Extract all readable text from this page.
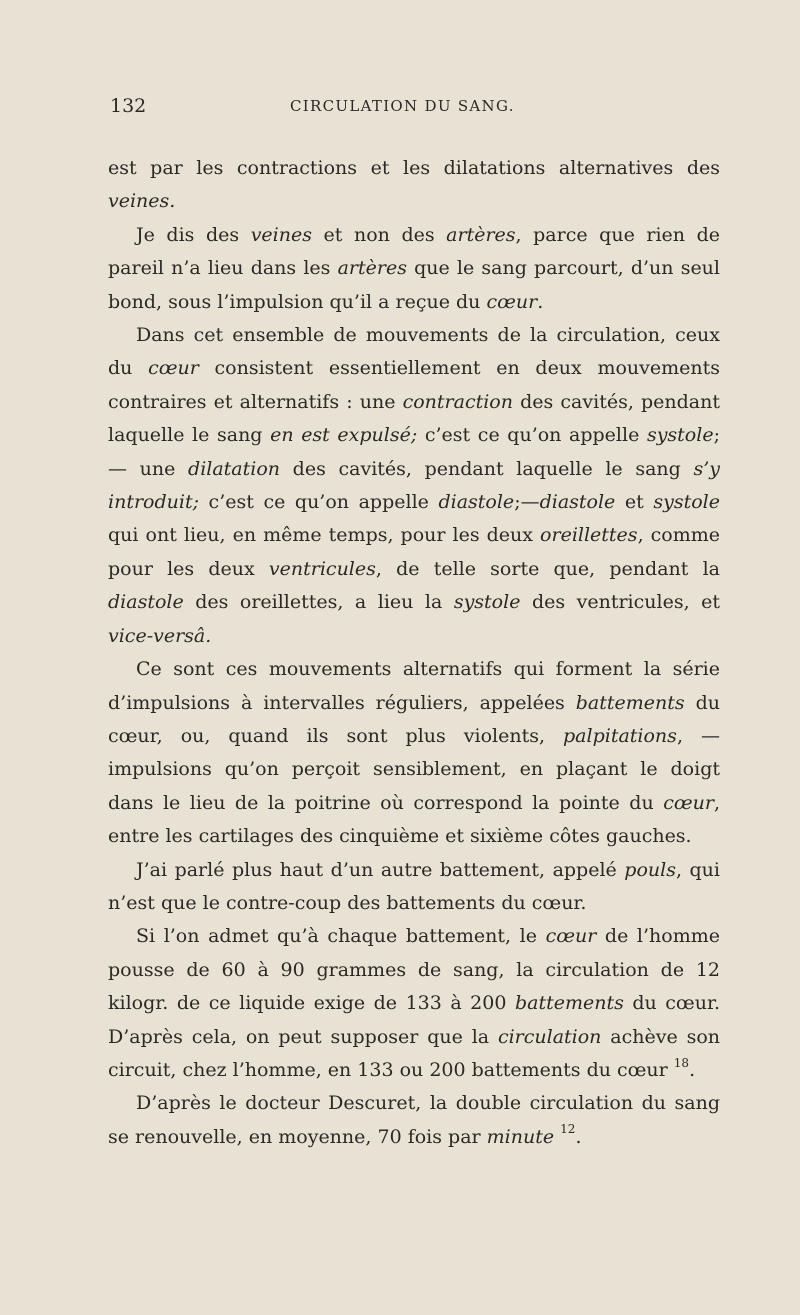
132	CIRCULATION DU SANG.

est par les contractions et les dilatations alternatives des veines.

Je dis des veines et non des artères, parce que rien de pareil n’a lieu dans les artères que le sang parcourt, d’un seul bond, sous l’impulsion qu’il a reçue du cœur.

Dans cet ensemble de mouvements de la circulation, ceux du cœur consistent essentiellement en deux mouvements contraires et alternatifs : une contraction des cavités, pendant laquelle le sang en est expulsé; c’est ce qu’on appelle systole; — une dilatation des cavités, pendant laquelle le sang s’y introduit; c’est ce qu’on appelle diastole;—diastole et systole qui ont lieu, en même temps, pour les deux oreillettes, comme pour les deux ventricules, de telle sorte que, pendant la diastole des oreillettes, a lieu la systole des ventricules, et vice-versâ.

Ce sont ces mouvements alternatifs qui forment la série d’impulsions à intervalles réguliers, appelées battements du cœur, ou, quand ils sont plus violents, palpitations, — impulsions qu’on perçoit sensiblement, en plaçant le doigt dans le lieu de la poitrine où correspond la pointe du cœur, entre les cartilages des cinquième et sixième côtes gauches.

J’ai parlé plus haut d’un autre battement, appelé pouls, qui n’est que le contre-coup des battements du cœur.

Si l’on admet qu’à chaque battement, le cœur de l’homme pousse de 60 à 90 grammes de sang, la circulation de 12 kilogr. de ce liquide exige de 133 à 200 battements du cœur. D’après cela, on peut supposer que la circulation achève son circuit, chez l’homme, en 133 ou 200 battements du cœur $^{18}$.

D’après le docteur Descuret, la double circulation du sang se renouvelle, en moyenne, 70 fois par minute $^{12}$.
